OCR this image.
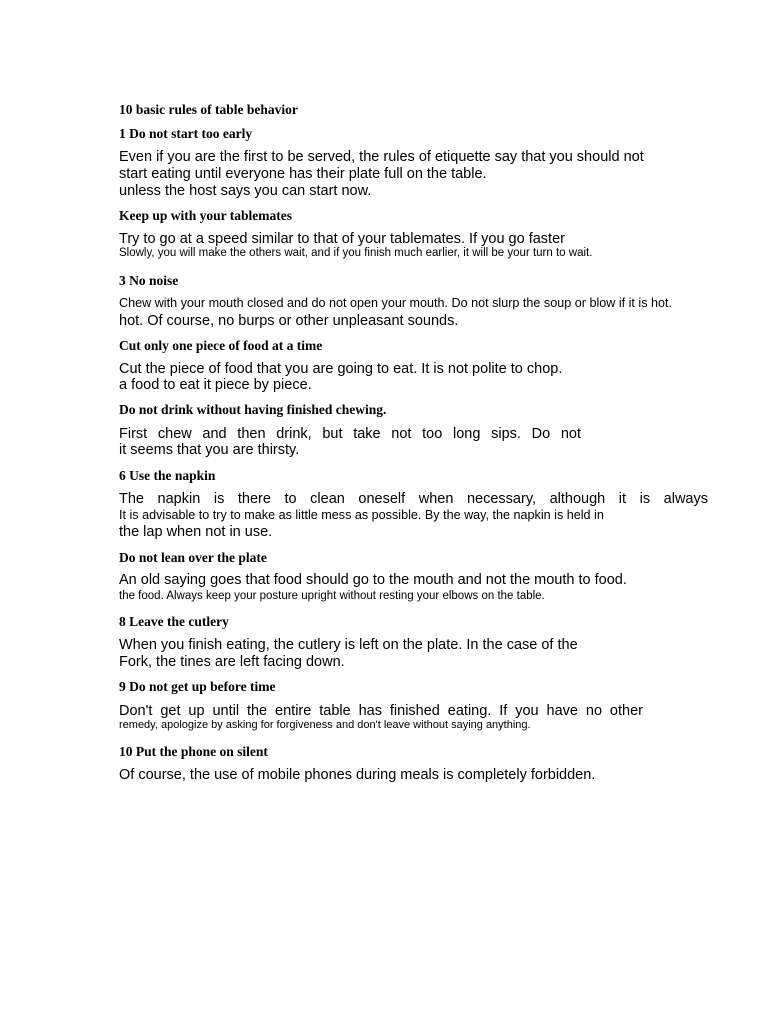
10 basic rules of table behavior
1 Do not start too early
Even if you are the first to be served, the rules of etiquette say that you should not
start eating until everyone has their plate full on the table.
unless the host says you can start now.
Keep up with your tablemates
Try to go at a speed similar to that of your tablemates. If you go faster
Slowly, you will make the others wait, and if you finish much earlier, it will be your turn to wait.
3 No noise
Chew with your mouth closed and do not open your mouth. Do not slurp the soup or blow if it is hot.
hot. Of course, no burps or other unpleasant sounds.
Cut only one piece of food at a time
Cut the piece of food that you are going to eat. It is not polite to chop.
a food to eat it piece by piece.
Do not drink without having finished chewing.
First chew and then drink, but take not too long sips. Do not
it seems that you are thirsty.
6 Use the napkin
The napkin is there to clean oneself when necessary, although it is always
It is advisable to try to make as little mess as possible. By the way, the napkin is held in
the lap when not in use.
Do not lean over the plate
An old saying goes that food should go to the mouth and not the mouth to food.
the food. Always keep your posture upright without resting your elbows on the table.
8 Leave the cutlery
When you finish eating, the cutlery is left on the plate. In the case of the
Fork, the tines are left facing down.
9 Do not get up before time
Don't get up until the entire table has finished eating. If you have no other
remedy, apologize by asking for forgiveness and don't leave without saying anything.
10 Put the phone on silent
Of course, the use of mobile phones during meals is completely forbidden.
